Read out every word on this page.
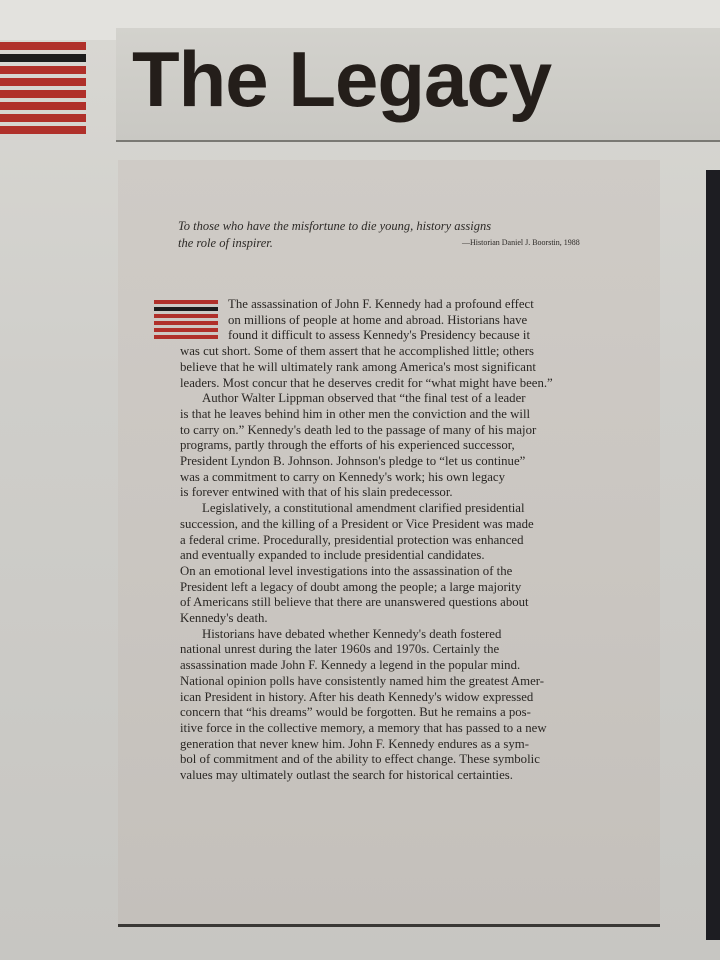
The Legacy
To those who have the misfortune to die young, history assigns
the role of inspirer.	—Historian Daniel J. Boorstin, 1988
The assassination of John F. Kennedy had a profound effect
on millions of people at home and abroad. Historians have
found it difficult to assess Kennedy's Presidency because it
was cut short. Some of them assert that he accomplished little; others
believe that he will ultimately rank among America's most significant
leaders. Most concur that he deserves credit for “what might have been.”
Author Walter Lippman observed that “the final test of a leader
is that he leaves behind him in other men the conviction and the will
to carry on.” Kennedy's death led to the passage of many of his major
programs, partly through the efforts of his experienced successor,
President Lyndon B. Johnson. Johnson's pledge to “let us continue”
was a commitment to carry on Kennedy's work; his own legacy
is forever entwined with that of his slain predecessor.
Legislatively, a constitutional amendment clarified presidential
succession, and the killing of a President or Vice President was made
a federal crime. Procedurally, presidential protection was enhanced
and eventually expanded to include presidential candidates.
On an emotional level investigations into the assassination of the
President left a legacy of doubt among the people; a large majority
of Americans still believe that there are unanswered questions about
Kennedy's death.
Historians have debated whether Kennedy's death fostered
national unrest during the later 1960s and 1970s. Certainly the
assassination made John F. Kennedy a legend in the popular mind.
National opinion polls have consistently named him the greatest Amer-
ican President in history. After his death Kennedy's widow expressed
concern that “his dreams” would be forgotten. But he remains a pos-
itive force in the collective memory, a memory that has passed to a new
generation that never knew him. John F. Kennedy endures as a sym-
bol of commitment and of the ability to effect change. These symbolic
values may ultimately outlast the search for historical certainties.
